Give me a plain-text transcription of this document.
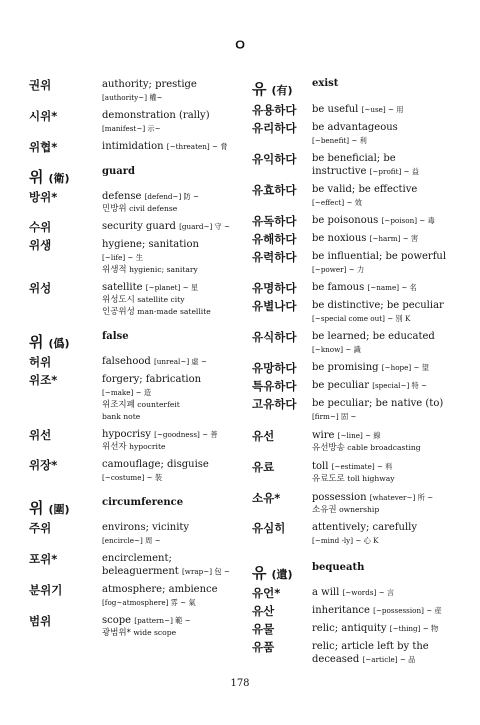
ㅇ
권위	authority; prestige
[authority~] 權~
시위*	demonstration (rally)
[manifest~] 示~
위협*	intimidation [~threaten] ~ 脅
위 (衛)
guard
방위*	defense [defend~] 防 ~
민방위 civil defense
수위	security guard [guard~] 守 ~
위생	hygiene; sanitation
[~life] ~ 生
위생적 hygienic; sanitary
위성	satellite [~planet] ~ 星
위성도시 satellite city
인공위성 man-made satellite
위 (僞)
false
허위	falsehood [unreal~] 虛 ~
위조*	forgery; fabrication
[~make] ~ 造
위조지폐 counterfeit
bank note
위선	hypocrisy [~goodness] ~ 善
위선자 hypocrite
위장*	camouflage; disguise
[~costume] ~ 裝
위 (圍)
circumference
주위	environs; vicinity
[encircle~] 周 ~
포위*	encirclement;
beleaguerment [wrap~] 包 ~
분위기	atmosphere; ambience
[fog~atmosphere] 雰 ~ 氣
범위	scope [pattern~] 範 ~
광범위* wide scope
유 (有)
exist
유용하다	be useful [~use] ~ 用
유리하다	be advantageous
[~benefit] ~ 利
유익하다	be beneficial; be
instructive [~profit] ~ 益
유효하다	be valid; be effective
[~effect] ~ 效
유독하다	be poisonous [~poison] ~ 毒
유해하다	be noxious [~harm] ~ 害
유력하다	be influential; be powerful
[~power] ~ 力
유명하다	be famous [~name] ~ 名
유별나다	be distinctive; be peculiar
[~special come out] ~ 別 K
유식하다	be learned; be educated
[~know] ~ 識
유망하다	be promising [~hope] ~ 望
특유하다	be peculiar [special~] 特 ~
고유하다	be peculiar; be native (to)
[firm~] 固 ~
유선	wire [~line] ~ 線
유선방송 cable broadcasting
유료	toll [~estimate] ~ 料
유료도로 toll highway
소유*	possession [whatever~] 所 ~
소유권 ownership
유심히	attentively; carefully
[~mind -ly] ~ 心 K
유 (遺)
bequeath
유언*	a will [~words] ~ 言
유산	inheritance [~possession] ~ 産
유물	relic; antiquity [~thing] ~ 物
유품	relic; article left by the
deceased [~article] ~ 品
178
